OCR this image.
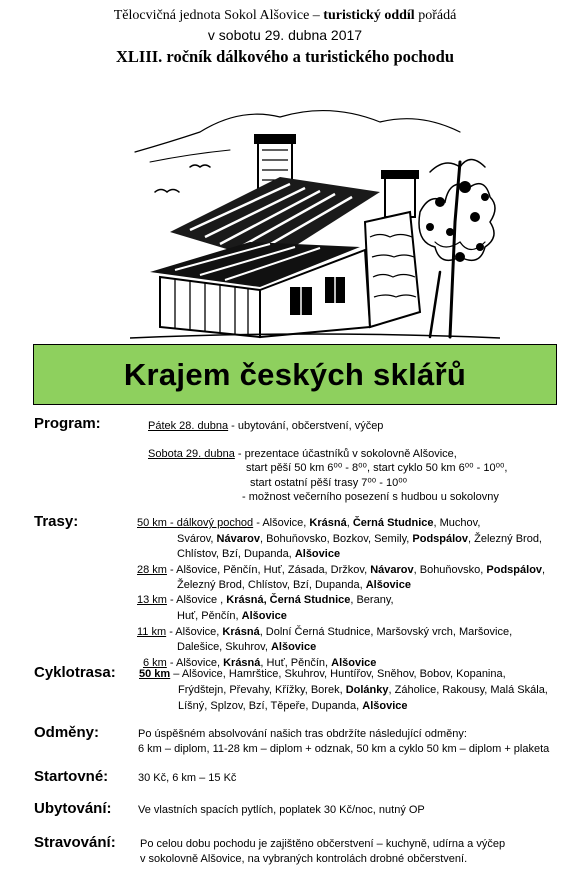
Tělocvičná jednota Sokol Alšovice – turistický oddíl pořádá
v sobotu 29. dubna 2017
XLIII. ročník dálkového a turistického pochodu
Krajem českých sklářů
Program:	Pátek 28. dubna - ubytování, občerstvení, výčep
Sobota 29. dubna - prezentace účastníků v sokolovně Alšovice,
start pěší 50 km 6⁰⁰ - 8⁰⁰, start cyklo 50 km 6⁰⁰ - 10⁰⁰,
start ostatní pěší trasy 7⁰⁰ - 10⁰⁰
- možnost večerního posezení s hudbou u sokolovny
Trasy:	50 km - dálkový pochod - Alšovice, Krásná, Černá Studnice, Muchov,
Svárov, Návarov, Bohuňovsko, Bozkov, Semily, Podspálov, Železný Brod,
Chlístov, Bzí, Dupanda, Alšovice
28 km - Alšovice, Pěnčín, Huť, Zásada, Držkov, Návarov, Bohuňovsko, Podspálov,
Železný Brod, Chlístov, Bzí, Dupanda, Alšovice
13 km - Alšovice , Krásná, Černá Studnice, Berany,
Huť, Pěnčín, Alšovice
11 km - Alšovice, Krásná, Dolní Černá Studnice, Maršovský vrch, Maršovice,
Dalešice, Skuhrov, Alšovice
6 km - Alšovice, Krásná, Huť, Pěnčín, Alšovice
Cyklotrasa: 50 km – Alšovice, Hamrštice, Skuhrov, Huntířov, Sněhov, Bobov, Kopanina,
Frýdštejn, Převahy, Křížky, Borek, Dolánky, Záholice, Rakousy, Malá Skála,
Líšný, Splzov, Bzí, Těpeře, Dupanda, Alšovice
Odměny:	Po úspěšném absolvování našich tras obdržíte následující odměny:
6 km – diplom, 11-28 km – diplom + odznak, 50 km a cyklo 50 km – diplom + plaketa
Startovné:	30 Kč, 6 km – 15 Kč
Ubytování: Ve vlastních spacích pytlích, poplatek 30 Kč/noc, nutný OP
Stravování: Po celou dobu pochodu je zajištěno občerstvení – kuchyně, udírna a výčep
v sokolovně Alšovice, na vybraných kontrolách drobné občerstvení.
